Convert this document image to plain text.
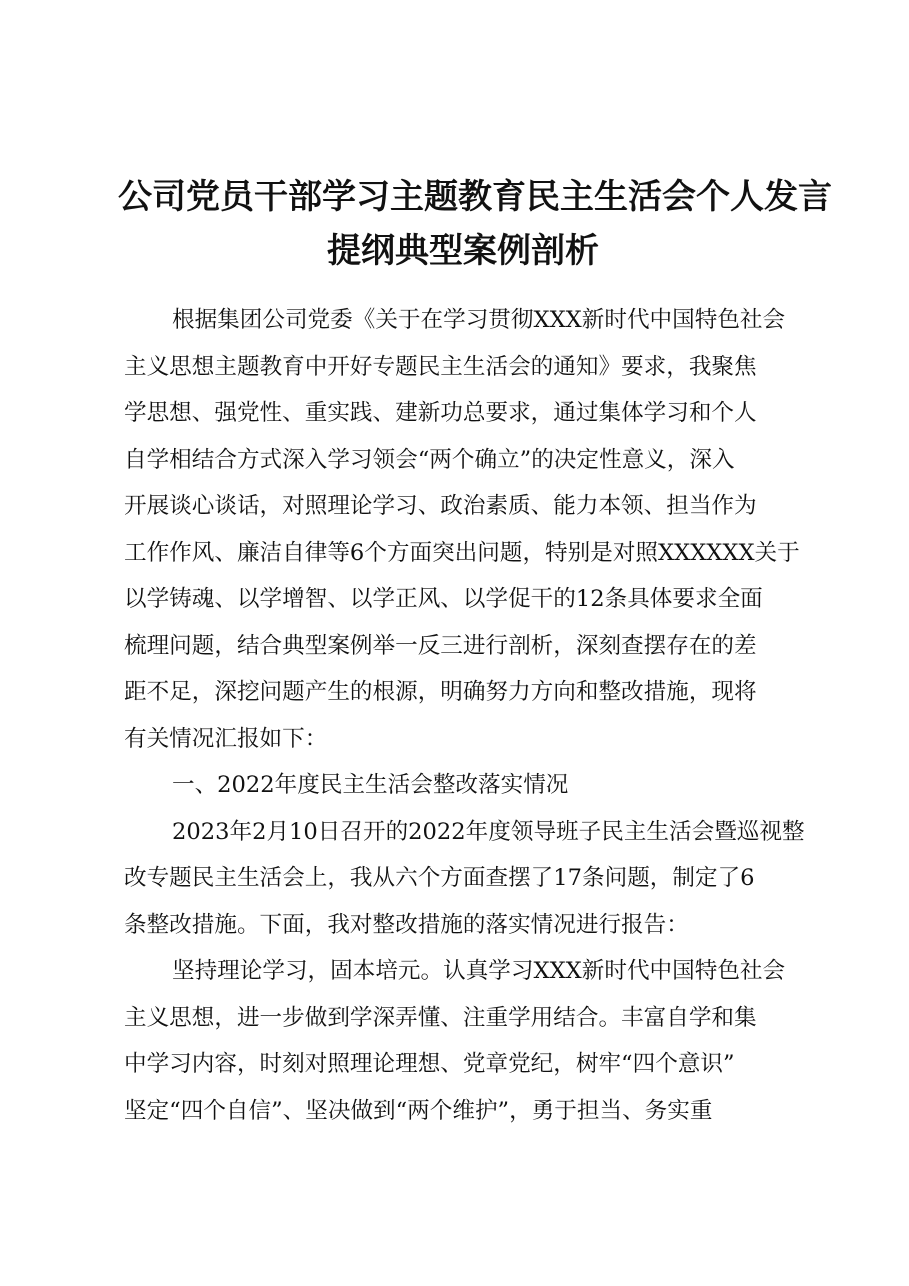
公司党员干部学习主题教育民主生活会个人发言
提纲典型案例剖析
根据集团公司党委《关于在学习贯彻XXX新时代中国特色社会
主义思想主题教育中开好专题民主生活会的通知》要求，我聚焦
学思想、强党性、重实践、建新功总要求，通过集体学习和个人
自学相结合方式深入学习领会“两个确立”的决定性意义，深入
开展谈心谈话，对照理论学习、政治素质、能力本领、担当作为
工作作风、廉洁自律等6个方面突出问题，特别是对照XXXXXX关于
以学铸魂、以学增智、以学正风、以学促干的12条具体要求全面
梳理问题，结合典型案例举一反三进行剖析，深刻查摆存在的差
距不足，深挖问题产生的根源，明确努力方向和整改措施，现将
有关情况汇报如下：
一、2022年度民主生活会整改落实情况
2023年2月10日召开的2022年度领导班子民主生活会暨巡视整
改专题民主生活会上，我从六个方面查摆了17条问题，制定了6
条整改措施。下面，我对整改措施的落实情况进行报告：
坚持理论学习，固本培元。认真学习XXX新时代中国特色社会
主义思想，进一步做到学深弄懂、注重学用结合。丰富自学和集
中学习内容，时刻对照理论理想、党章党纪，树牢“四个意识”
坚定“四个自信”、坚决做到“两个维护”，勇于担当、务实重
